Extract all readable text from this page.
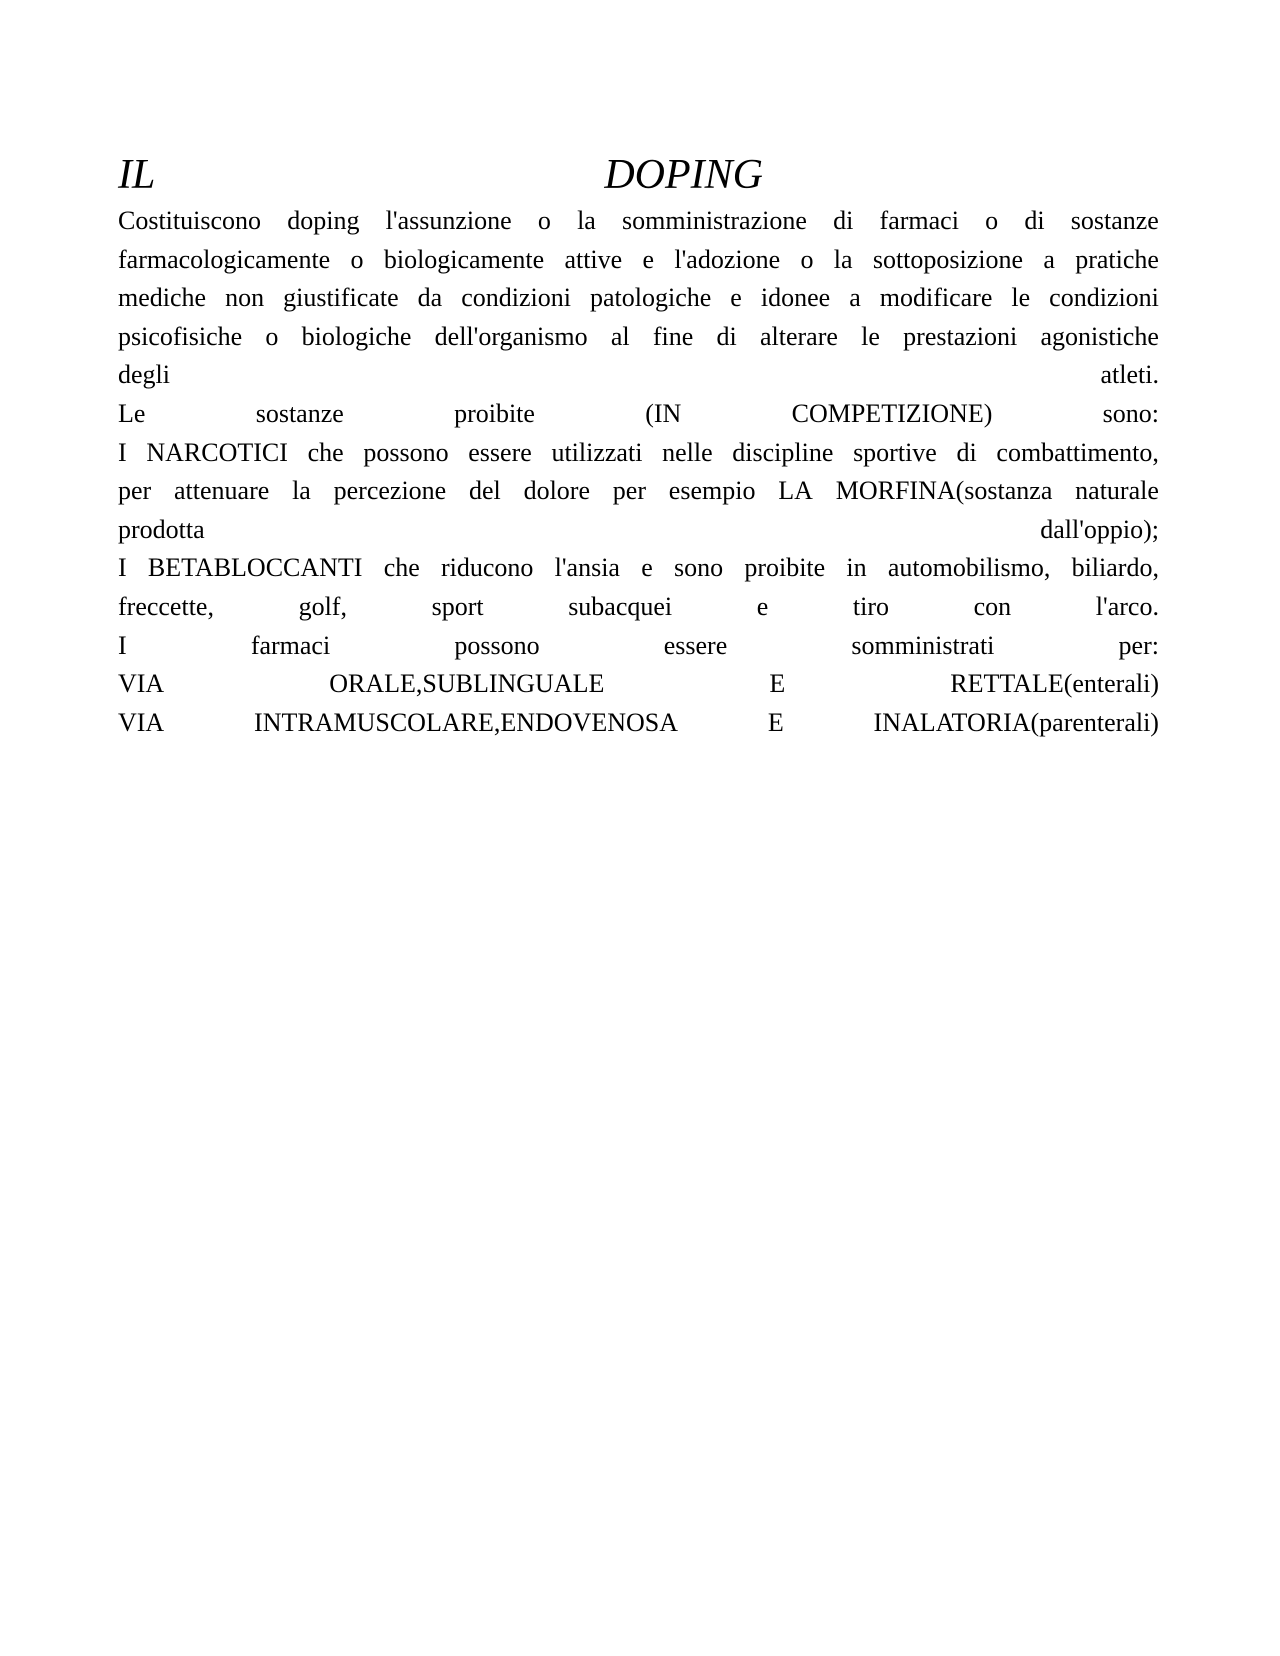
IL	DOPING
Costituiscono doping l'assunzione o la somministrazione di farmaci o di sostanze
farmacologicamente o biologicamente attive e l'adozione o la sottoposizione a pratiche
mediche non giustificate da condizioni patologiche e idonee a modificare le condizioni
psicofisiche o biologiche dell'organismo al fine di alterare le prestazioni agonistiche
degli	atleti.
Le	sostanze	proibite	(IN	COMPETIZIONE)	sono:
I NARCOTICI che possono essere utilizzati nelle discipline sportive di combattimento,
per attenuare la percezione del dolore per esempio LA MORFINA(sostanza naturale
prodotta	dall'oppio);
I BETABLOCCANTI che riducono l'ansia e sono proibite in automobilismo, biliardo,
freccette,	golf,	sport	subacquei	e	tiro	con	l'arco.
I	farmaci	possono	essere	somministrati	per:
VIA	ORALE,SUBLINGUALE	E	RETTALE(enterali)
VIA	INTRAMUSCOLARE,ENDOVENOSA	E	INALATORIA(parenterali)
